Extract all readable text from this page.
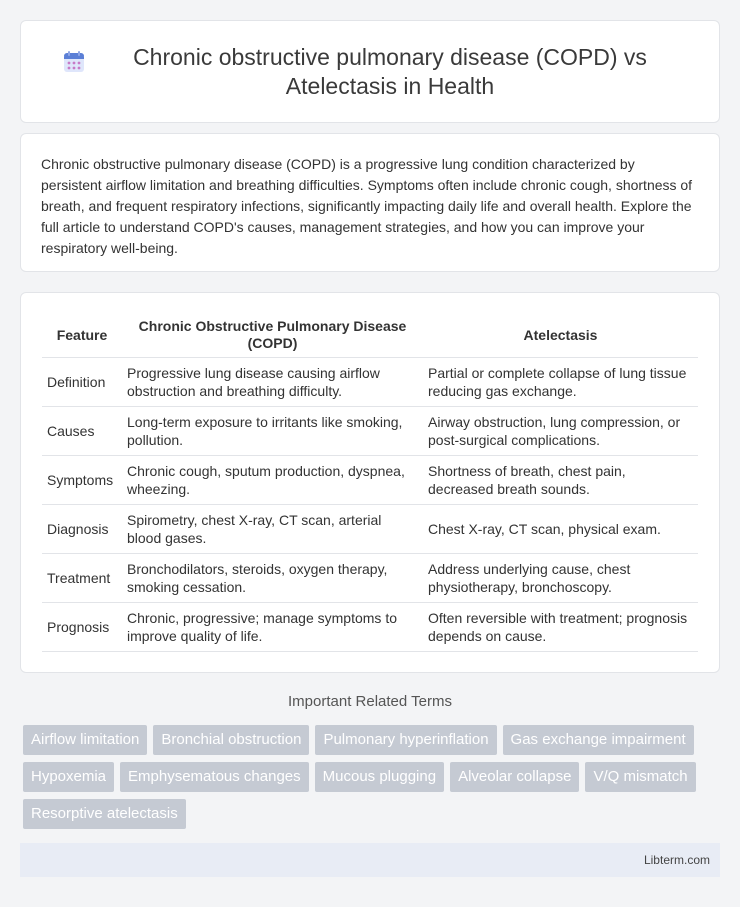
Chronic obstructive pulmonary disease (COPD) vs Atelectasis in Health

Chronic obstructive pulmonary disease (COPD) is a progressive lung condition characterized by persistent airflow limitation and breathing difficulties. Symptoms often include chronic cough, shortness of breath, and frequent respiratory infections, significantly impacting daily life and overall health. Explore the full article to understand COPD's causes, management strategies, and how you can improve your respiratory well-being.

Feature	Chronic Obstructive Pulmonary Disease (COPD)	Atelectasis
Definition	Progressive lung disease causing airflow obstruction and breathing difficulty.	Partial or complete collapse of lung tissue reducing gas exchange.
Causes	Long-term exposure to irritants like smoking, pollution.	Airway obstruction, lung compression, or post-surgical complications.
Symptoms	Chronic cough, sputum production, dyspnea, wheezing.	Shortness of breath, chest pain, decreased breath sounds.
Diagnosis	Spirometry, chest X-ray, CT scan, arterial blood gases.	Chest X-ray, CT scan, physical exam.
Treatment	Bronchodilators, steroids, oxygen therapy, smoking cessation.	Address underlying cause, chest physiotherapy, bronchoscopy.
Prognosis	Chronic, progressive; manage symptoms to improve quality of life.	Often reversible with treatment; prognosis depends on cause.
Important Related Terms
Airflow limitation	Bronchial obstruction	Pulmonary hyperinflation	Gas exchange impairment
Hypoxemia	Emphysematous changes	Mucous plugging	Alveolar collapse	V/Q mismatch
Resorptive atelectasis
Libterm.com
